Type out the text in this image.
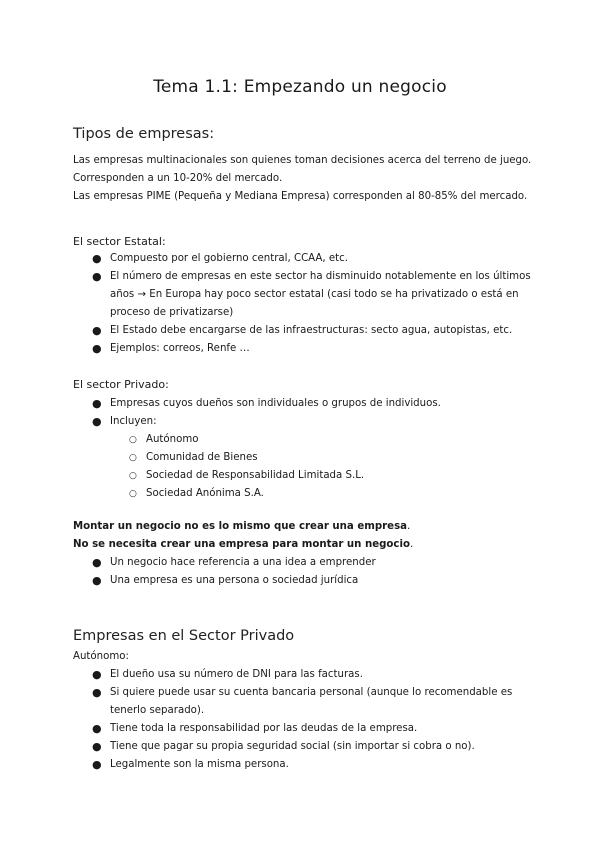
Tema 1.1: Empezando un negocio
Tipos de empresas:
Las empresas multinacionales son quienes toman decisiones acerca del terreno de juego.
Corresponden a un 10-20% del mercado.
Las empresas PIME (Pequeña y Mediana Empresa) corresponden al 80-85% del mercado.
El sector Estatal:
● Compuesto por el gobierno central, CCAA, etc.
● El número de empresas en este sector ha disminuido notablemente en los últimos años → En Europa hay poco sector estatal (casi todo se ha privatizado o está en proceso de privatizarse)
● El Estado debe encargarse de las infraestructuras: secto agua, autopistas, etc.
● Ejemplos: correos, Renfe …
El sector Privado:
● Empresas cuyos dueños son individuales o grupos de individuos.
● Incluyen:
○ Autónomo
○ Comunidad de Bienes
○ Sociedad de Responsabilidad Limitada S.L.
○ Sociedad Anónima S.A.
Montar un negocio no es lo mismo que crear una empresa.
No se necesita crear una empresa para montar un negocio.
● Un negocio hace referencia a una idea a emprender
● Una empresa es una persona o sociedad jurídica
Empresas en el Sector Privado
Autónomo:
● El dueño usa su número de DNI para las facturas.
● Si quiere puede usar su cuenta bancaria personal (aunque lo recomendable es tenerlo separado).
● Tiene toda la responsabilidad por las deudas de la empresa.
● Tiene que pagar su propia seguridad social (sin importar si cobra o no).
● Legalmente son la misma persona.
